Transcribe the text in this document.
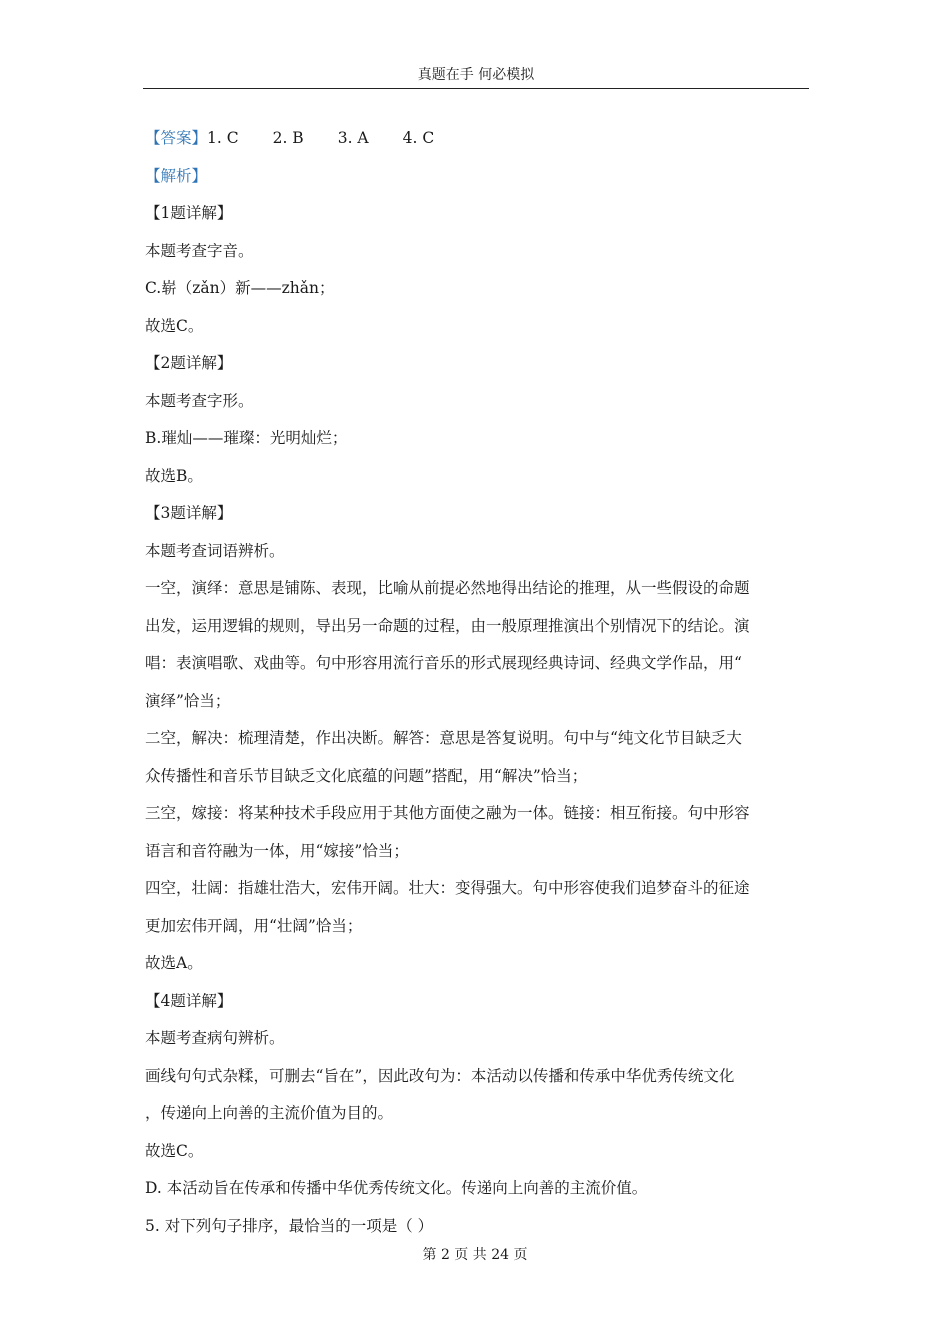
真题在手 何必模拟

【答案】1. C 2. B 3. A 4. C

【解析】

【1题详解】

本题考查字音。

C.崭（zǎn）新——zhǎn；

故选C。

【2题详解】

本题考查字形。

B.璀灿——璀璨：光明灿烂；

故选B。

【3题详解】

本题考查词语辨析。

一空，演绎：意思是铺陈、表现，比喻从前提必然地得出结论的推理，从一些假设的命题

出发，运用逻辑的规则，导出另一命题的过程，由一般原理推演出个别情况下的结论。演

唱：表演唱歌、戏曲等。句中形容用流行音乐的形式展现经典诗词、经典文学作品，用“

演绎”恰当；

二空，解决：梳理清楚，作出决断。解答：意思是答复说明。句中与“纯文化节目缺乏大

众传播性和音乐节目缺乏文化底蕴的问题”搭配，用“解决”恰当；

三空，嫁接：将某种技术手段应用于其他方面使之融为一体。链接：相互衔接。句中形容

语言和音符融为一体，用“嫁接”恰当；

四空，壮阔：指雄壮浩大，宏伟开阔。壮大：变得强大。句中形容使我们追梦奋斗的征途

更加宏伟开阔，用“壮阔”恰当；

故选A。

【4题详解】

本题考查病句辨析。

画线句句式杂糅，可删去“旨在”，因此改句为：本活动以传播和传承中华优秀传统文化

，传递向上向善的主流价值为目的。

故选C。

D. 本活动旨在传承和传播中华优秀传统文化。传递向上向善的主流价值。

5. 对下列句子排序，最恰当的一项是（ ）

第 2 页 共 24 页
